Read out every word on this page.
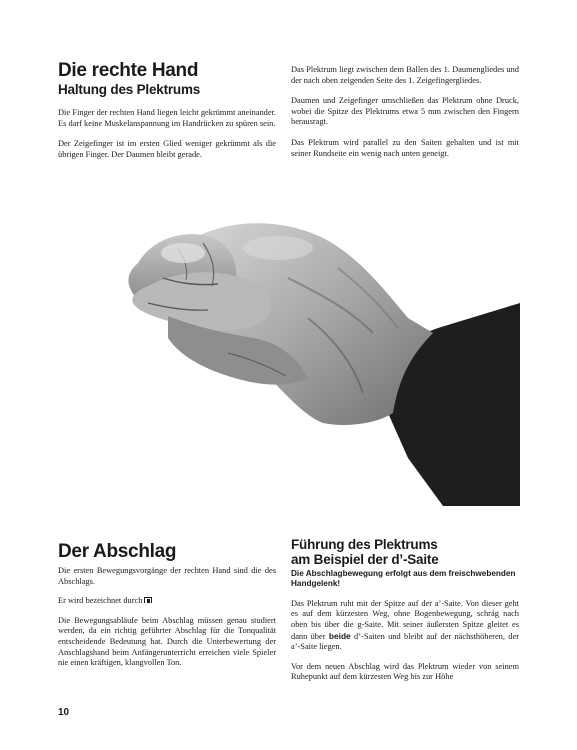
Die rechte Hand
Haltung des Plektrums

Die Finger der rechten Hand liegen leicht gekrümmt aneinander. Es darf keine Muskelanspannung im Handrücken zu spüren sein.

Der Zeigefinger ist im ersten Glied weniger gekrümmt als die übrigen Finger. Der Daumen bleibt gerade.

Das Plektrum liegt zwischen dem Ballen des 1. Daumengliedes und der nach oben zeigenden Seite des 1. Zeigefingergliedes.

Daumen und Zeigefinger umschließen das Plektrum ohne Druck, wobei die Spitze des Plektrums etwa 5 mm zwischen den Fingern herausragt.

Das Plektrum wird parallel zu den Saiten gehalten und ist mit seiner Rundseite ein wenig nach unten geneigt.

Der Abschlag

Die ersten Bewegungsvorgänge der rechten Hand sind die des Abschlags.

Er wird bezeichnet durch

Die Bewegungsabläufe beim Abschlag müssen genau studiert werden, da ein richtig geführter Abschlag für die Tonqualität entscheidende Bedeutung hat. Durch die Unterbewertung der Anschlagshand beim Anfängerunterricht erreichen viele Spieler nie einen kräftigen, klangvollen Ton.

Führung des Plektrums
am Beispiel der d’-Saite

Die Abschlagbewegung erfolgt aus dem freischwebenden Handgelenk!

Das Plektrum ruht mit der Spitze auf der a’-Saite. Von dieser geht es auf dem kürzesten Weg, ohne Bogenbewegung, schräg nach oben bis über die g-Saite. Mit seiner äußersten Spitze gleitet es dann über beide d’-Saiten und bleibt auf der nächsthöheren, der a’-Saite liegen.

Vor dem neuen Abschlag wird das Plektrum wieder von seinem Ruhepunkt auf dem kürzesten Weg bis zur Höhe

10
